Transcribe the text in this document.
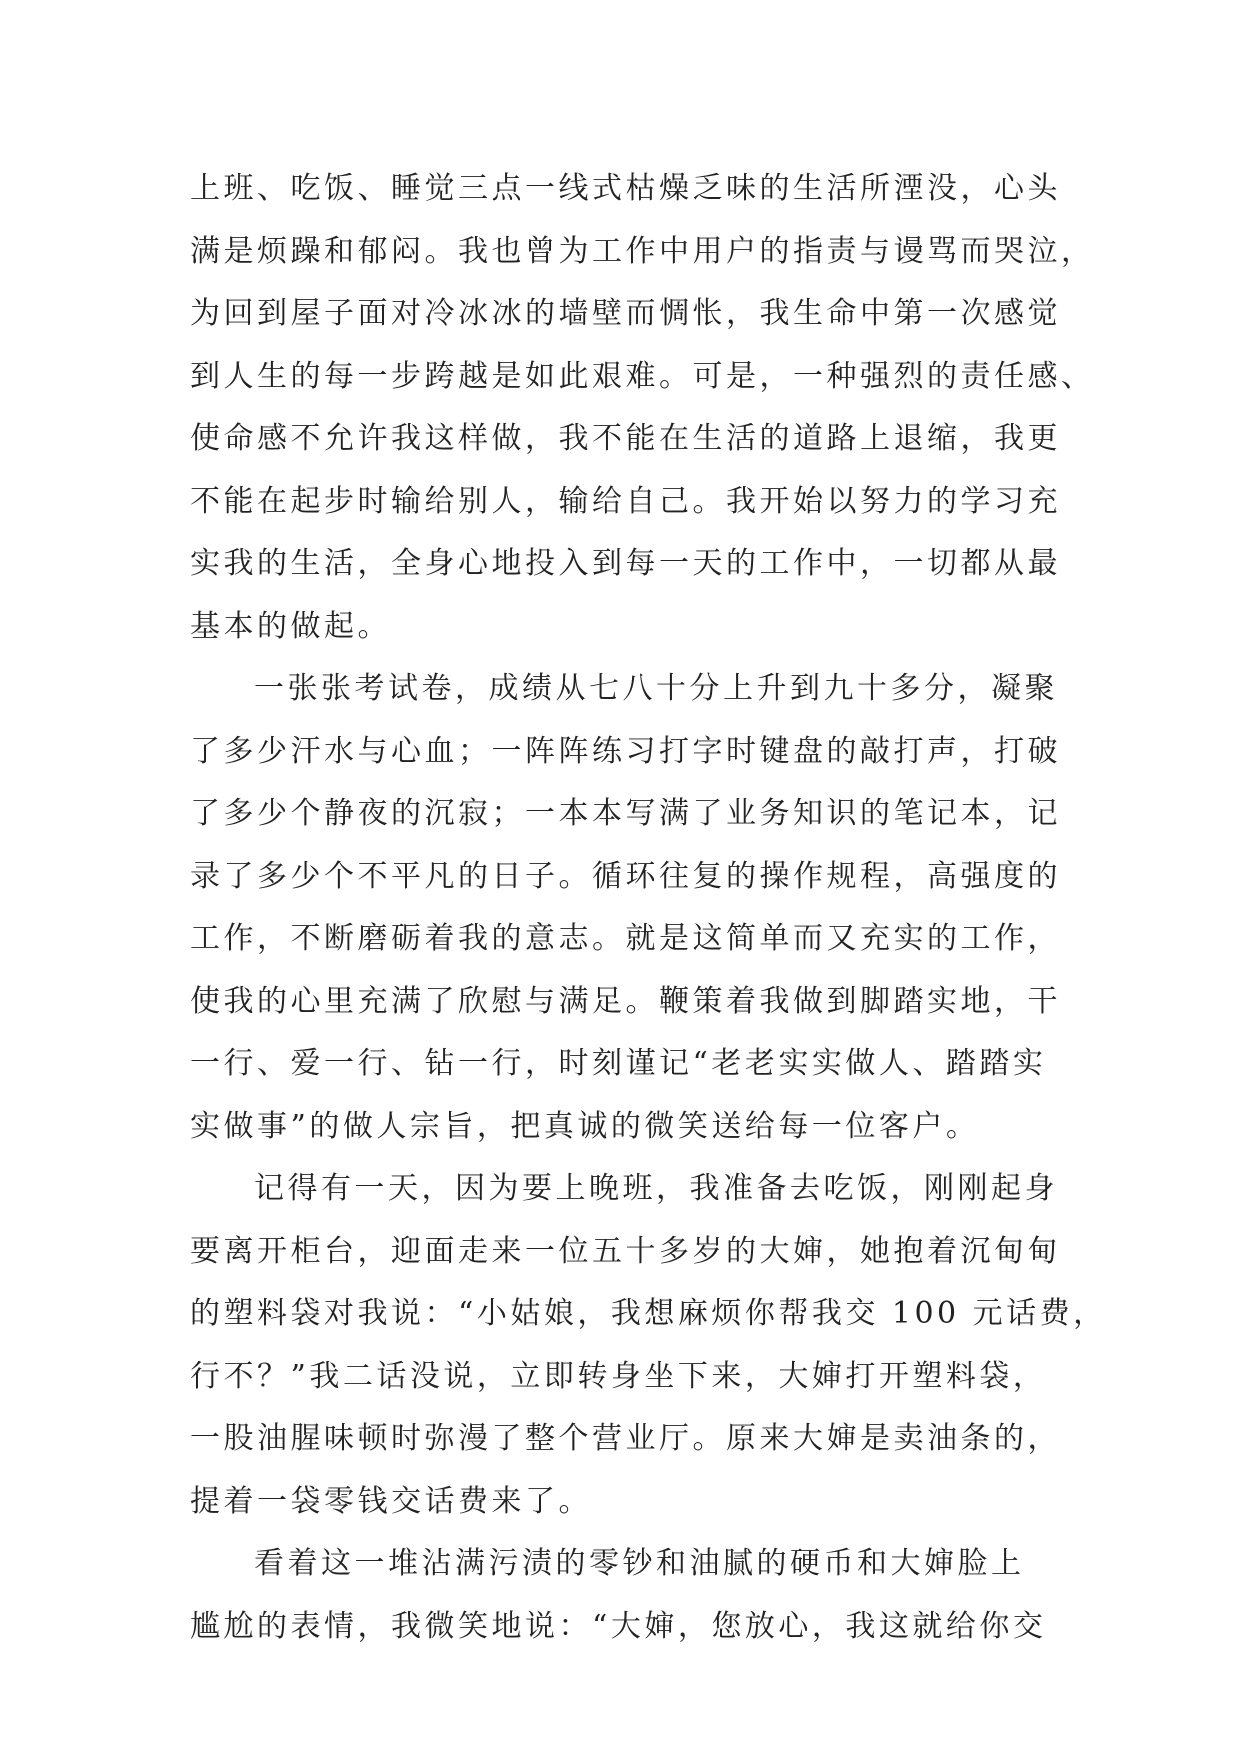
上班、吃饭、睡觉三点一线式枯燥乏味的生活所湮没，心头
满是烦躁和郁闷。我也曾为工作中用户的指责与谩骂而哭泣，
为回到屋子面对冷冰冰的墙壁而惆怅，我生命中第一次感觉
到人生的每一步跨越是如此艰难。可是，一种强烈的责任感、
使命感不允许我这样做，我不能在生活的道路上退缩，我更
不能在起步时输给别人，输给自己。我开始以努力的学习充
实我的生活，全身心地投入到每一天的工作中，一切都从最
基本的做起。
一张张考试卷，成绩从七八十分上升到九十多分，凝聚
了多少汗水与心血；一阵阵练习打字时键盘的敲打声，打破
了多少个静夜的沉寂；一本本写满了业务知识的笔记本，记
录了多少个不平凡的日子。循环往复的操作规程，高强度的
工作，不断磨砺着我的意志。就是这简单而又充实的工作，
使我的心里充满了欣慰与满足。鞭策着我做到脚踏实地，干
一行、爱一行、钻一行，时刻谨记“老老实实做人、踏踏实
实做事”的做人宗旨，把真诚的微笑送给每一位客户。
记得有一天，因为要上晚班，我准备去吃饭，刚刚起身
要离开柜台，迎面走来一位五十多岁的大婶，她抱着沉甸甸
的塑料袋对我说：“小姑娘，我想麻烦你帮我交 100 元话费，
行不？”我二话没说，立即转身坐下来，大婶打开塑料袋，
一股油腥味顿时弥漫了整个营业厅。原来大婶是卖油条的，
提着一袋零钱交话费来了。
看着这一堆沾满污渍的零钞和油腻的硬币和大婶脸上
尴尬的表情，我微笑地说：“大婶，您放心，我这就给你交
